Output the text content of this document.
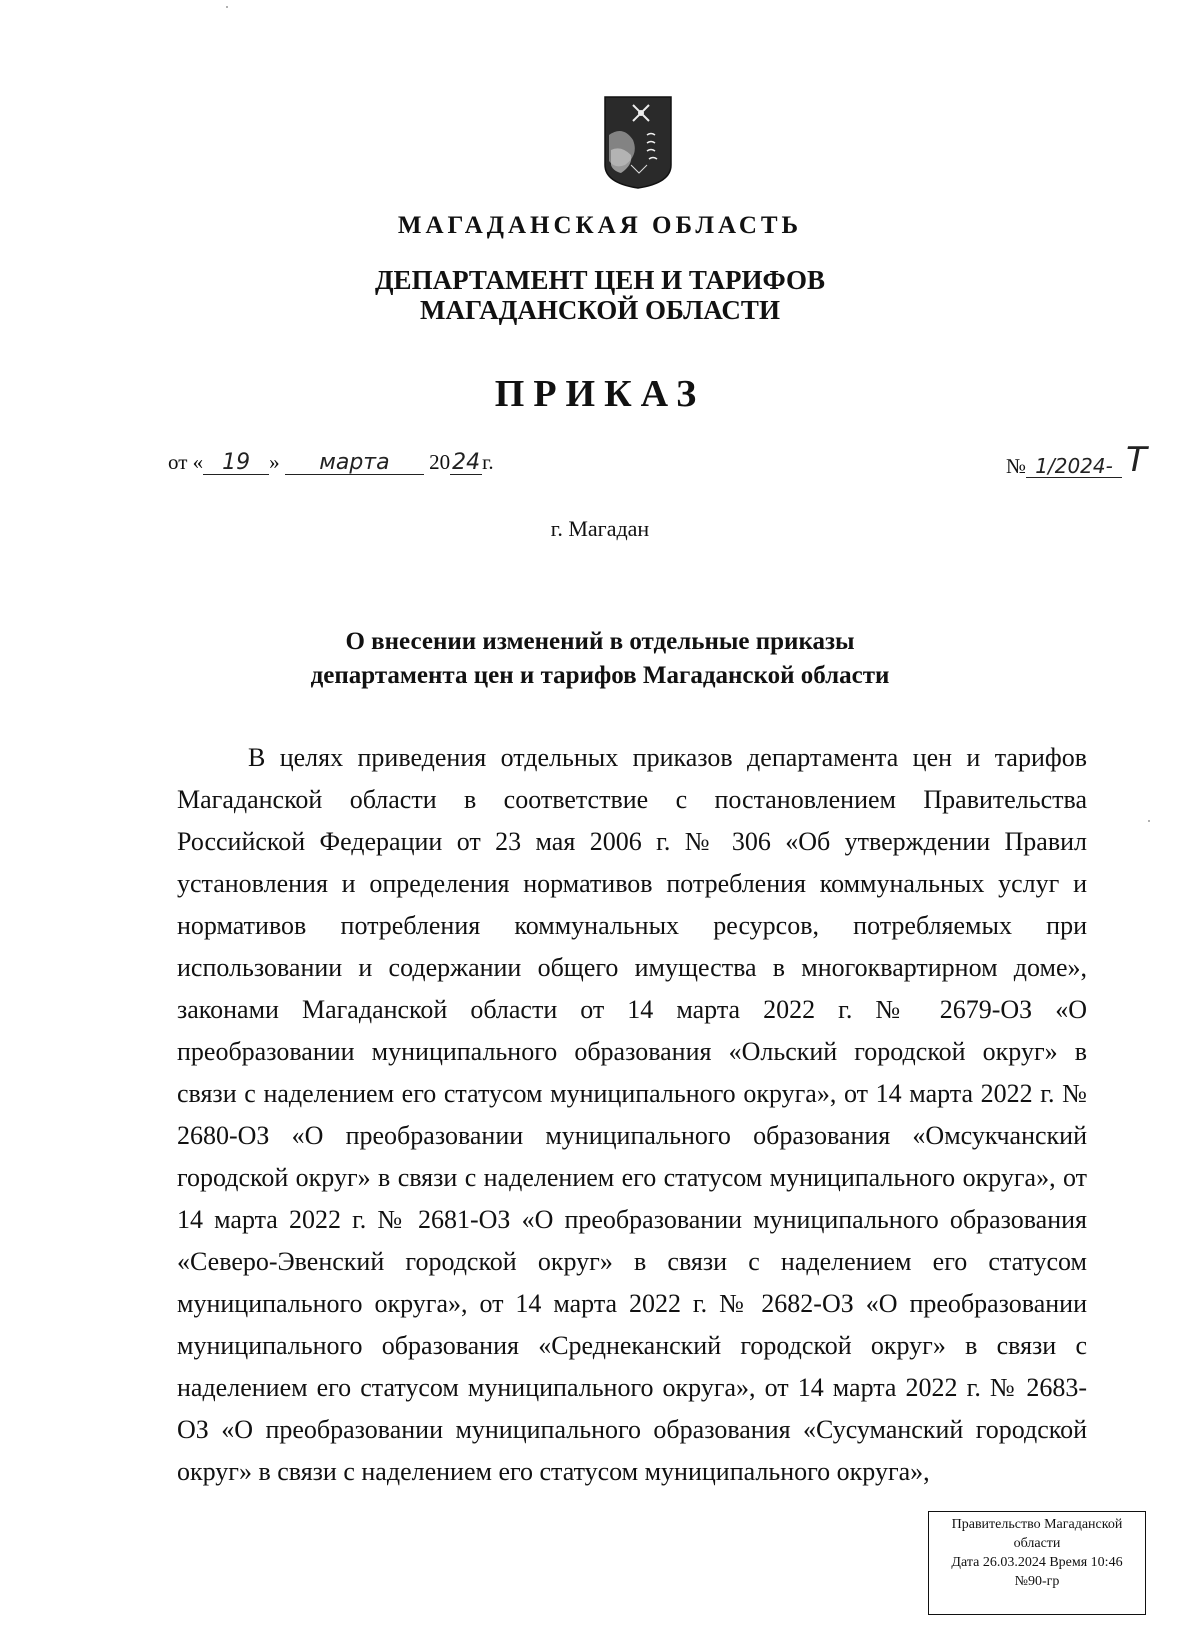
МАГАДАНСКАЯ ОБЛАСТЬ
ДЕПАРТАМЕНТ ЦЕН И ТАРИФОВ
МАГАДАНСКОЙ ОБЛАСТИ
ПРИКАЗ
от « 19 » марта 2024г.	№ 1/2024- Т
г. Магадан
О внесении изменений в отдельные приказы
департамента цен и тарифов Магаданской области
В целях приведения отдельных приказов департамента цен и тарифов Магаданской области в соответствие с постановлением Правительства Российской Федерации от 23 мая 2006 г. № 306 «Об утверждении Правил установления и определения нормативов потребления коммунальных услуг и нормативов потребления коммунальных ресурсов, потребляемых при использовании и содержании общего имущества в многоквартирном доме», законами Магаданской области от 14 марта 2022 г. № 2679-ОЗ «О преобразовании муниципального образования «Ольский городской округ» в связи с наделением его статусом муниципального округа», от 14 марта 2022 г. № 2680-ОЗ «О преобразовании муниципального образования «Омсукчанский городской округ» в связи с наделением его статусом муниципального округа», от 14 марта 2022 г. № 2681-ОЗ «О преобразовании муниципального образования «Северо-Эвенский городской округ» в связи с наделением его статусом муниципального округа», от 14 марта 2022 г. № 2682-ОЗ «О преобразовании муниципального образования «Среднеканский городской округ» в связи с наделением его статусом муниципального округа», от 14 марта 2022 г. № 2683-ОЗ «О преобразовании муниципального образования «Сусуманский городской округ» в связи с наделением его статусом муниципального округа»,
Правительство Магаданской
области
Дата 26.03.2024 Время 10:46
№90-гр
